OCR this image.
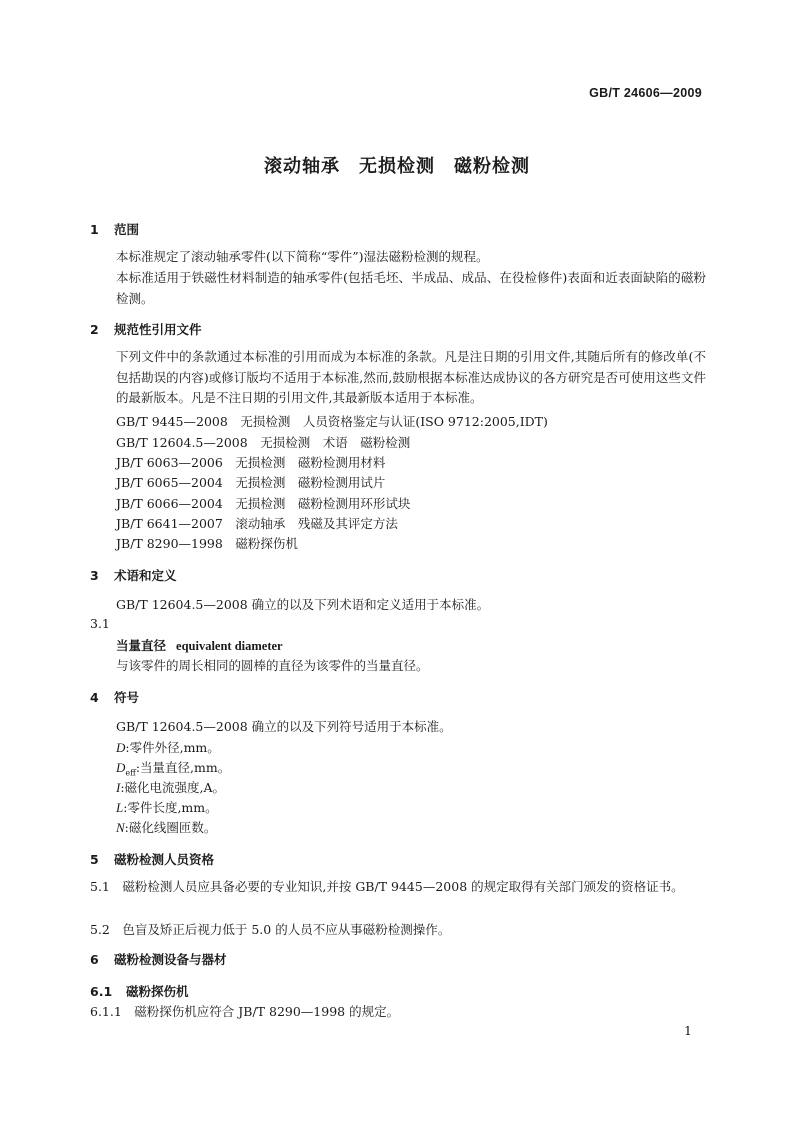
GB/T 24606—2009
滚动轴承　无损检测　磁粉检测
1 范围
本标准规定了滚动轴承零件(以下简称“零件”)湿法磁粉检测的规程。
本标准适用于铁磁性材料制造的轴承零件(包括毛坯、半成品、成品、在役检修件)表面和近表面缺陷的磁粉检测。
2 规范性引用文件
下列文件中的条款通过本标准的引用而成为本标准的条款。凡是注日期的引用文件,其随后所有的修改单(不包括勘误的内容)或修订版均不适用于本标准,然而,鼓励根据本标准达成协议的各方研究是否可使用这些文件的最新版本。凡是不注日期的引用文件,其最新版本适用于本标准。
GB/T 9445—2008　无损检测　人员资格鉴定与认证(ISO 9712:2005,IDT)
GB/T 12604.5—2008　无损检测　术语　磁粉检测
JB/T 6063—2006　无损检测　磁粉检测用材料
JB/T 6065—2004　无损检测　磁粉检测用试片
JB/T 6066—2004　无损检测　磁粉检测用环形试块
JB/T 6641—2007　滚动轴承　残磁及其评定方法
JB/T 8290—1998　磁粉探伤机
3 术语和定义
GB/T 12604.5—2008 确立的以及下列术语和定义适用于本标准。
3.1
当量直径 equivalent diameter
与该零件的周长相同的圆棒的直径为该零件的当量直径。
4 符号
GB/T 12604.5—2008 确立的以及下列符号适用于本标准。
D:零件外径,mm。
$D_{eff}$:当量直径,mm。
I:磁化电流强度,A。
L:零件长度,mm。
N:磁化线圈匝数。
5 磁粉检测人员资格
5.1　磁粉检测人员应具备必要的专业知识,并按 GB/T 9445—2008 的规定取得有关部门颁发的资格证书。
5.2　色盲及矫正后视力低于 5.0 的人员不应从事磁粉检测操作。
6 磁粉检测设备与器材
6.1 磁粉探伤机
6.1.1　磁粉探伤机应符合 JB/T 8290—1998 的规定。
1
